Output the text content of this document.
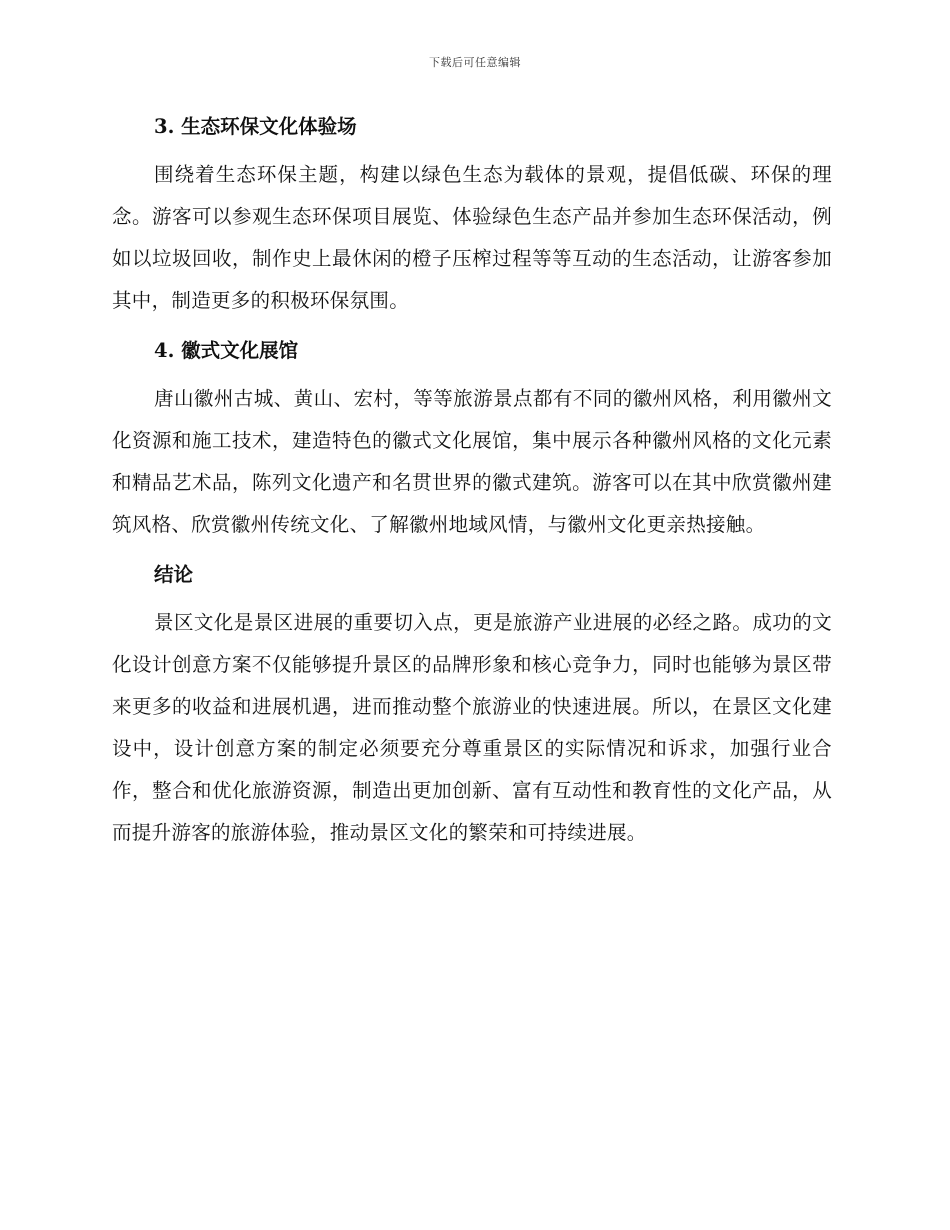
下载后可任意编辑
3. 生态环保文化体验场

围绕着生态环保主题，构建以绿色生态为载体的景观，提倡低碳、环保的理念。游客可以参观生态环保项目展览、体验绿色生态产品并参加生态环保活动，例如以垃圾回收，制作史上最休闲的橙子压榨过程等等互动的生态活动，让游客参加其中，制造更多的积极环保氛围。

4. 徽式文化展馆

唐山徽州古城、黄山、宏村，等等旅游景点都有不同的徽州风格，利用徽州文化资源和施工技术，建造特色的徽式文化展馆，集中展示各种徽州风格的文化元素和精品艺术品，陈列文化遗产和名贯世界的徽式建筑。游客可以在其中欣赏徽州建筑风格、欣赏徽州传统文化、了解徽州地域风情，与徽州文化更亲热接触。

结论

景区文化是景区进展的重要切入点，更是旅游产业进展的必经之路。成功的文化设计创意方案不仅能够提升景区的品牌形象和核心竞争力，同时也能够为景区带来更多的收益和进展机遇，进而推动整个旅游业的快速进展。所以，在景区文化建设中，设计创意方案的制定必须要充分尊重景区的实际情况和诉求，加强行业合作，整合和优化旅游资源，制造出更加创新、富有互动性和教育性的文化产品，从而提升游客的旅游体验，推动景区文化的繁荣和可持续进展。
